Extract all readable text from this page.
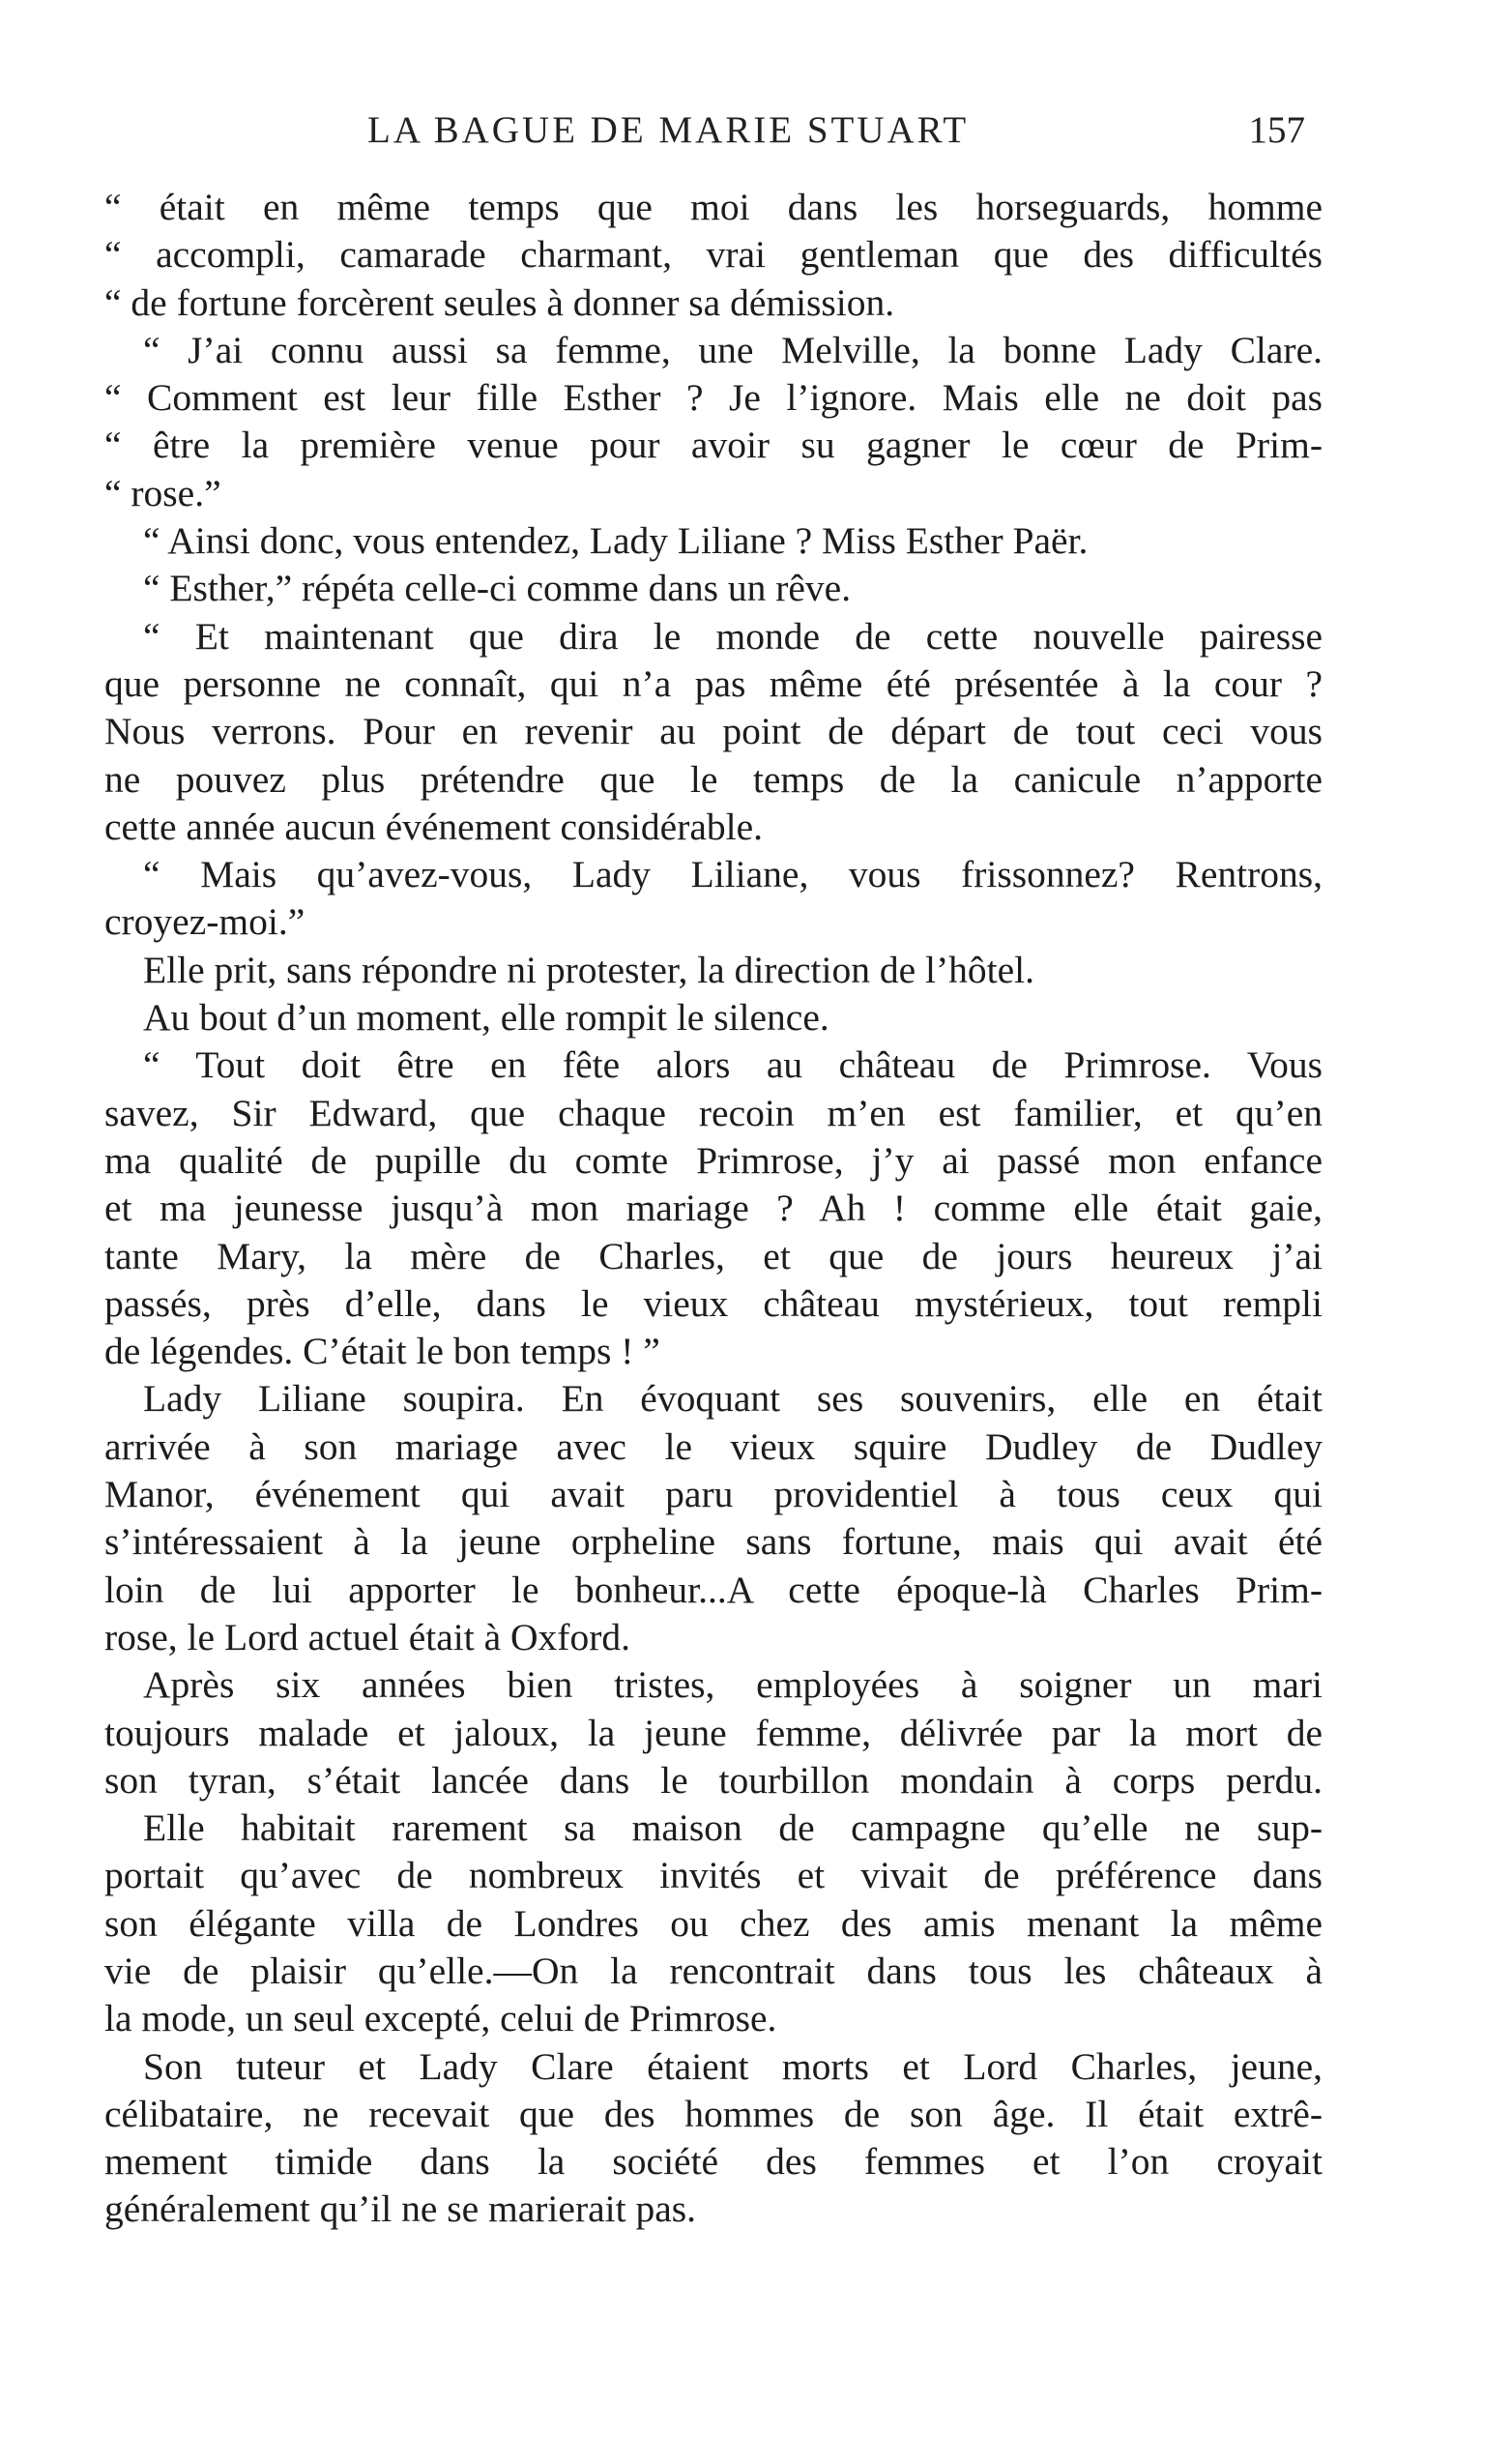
LA BAGUE DE MARIE STUART	157
“ était en même temps que moi dans les horseguards, homme
“ accompli, camarade charmant, vrai gentleman que des difficultés
“ de fortune forcèrent seules à donner sa démission.
“ J’ai connu aussi sa femme, une Melville, la bonne Lady Clare.
“ Comment est leur fille Esther ? Je l’ignore. Mais elle ne doit pas
“ être la première venue pour avoir su gagner le cœur de Prim-
“ rose.”
“ Ainsi donc, vous entendez, Lady Liliane ? Miss Esther Paër.
“ Esther,” répéta celle-ci comme dans un rêve.
“ Et maintenant que dira le monde de cette nouvelle pairesse
que personne ne connaît, qui n’a pas même été présentée à la cour ?
Nous verrons. Pour en revenir au point de départ de tout ceci vous
ne pouvez plus prétendre que le temps de la canicule n’apporte
cette année aucun événement considérable.
“ Mais qu’avez-vous, Lady Liliane, vous frissonnez? Rentrons,
croyez-moi.”
Elle prit, sans répondre ni protester, la direction de l’hôtel.
Au bout d’un moment, elle rompit le silence.
“ Tout doit être en fête alors au château de Primrose. Vous
savez, Sir Edward, que chaque recoin m’en est familier, et qu’en
ma qualité de pupille du comte Primrose, j’y ai passé mon enfance
et ma jeunesse jusqu’à mon mariage ? Ah ! comme elle était gaie,
tante Mary, la mère de Charles, et que de jours heureux j’ai
passés, près d’elle, dans le vieux château mystérieux, tout rempli
de légendes. C’était le bon temps ! ”
Lady Liliane soupira. En évoquant ses souvenirs, elle en était
arrivée à son mariage avec le vieux squire Dudley de Dudley
Manor, événement qui avait paru providentiel à tous ceux qui
s’intéressaient à la jeune orpheline sans fortune, mais qui avait été
loin de lui apporter le bonheur...A cette époque-là Charles Prim-
rose, le Lord actuel était à Oxford.
Après six années bien tristes, employées à soigner un mari
toujours malade et jaloux, la jeune femme, délivrée par la mort de
son tyran, s’était lancée dans le tourbillon mondain à corps perdu.
Elle habitait rarement sa maison de campagne qu’elle ne sup-
portait qu’avec de nombreux invités et vivait de préférence dans
son élégante villa de Londres ou chez des amis menant la même
vie de plaisir qu’elle.—On la rencontrait dans tous les châteaux à
la mode, un seul excepté, celui de Primrose.
Son tuteur et Lady Clare étaient morts et Lord Charles, jeune,
célibataire, ne recevait que des hommes de son âge. Il était extrê-
mement timide dans la société des femmes et l’on croyait
généralement qu’il ne se marierait pas.
